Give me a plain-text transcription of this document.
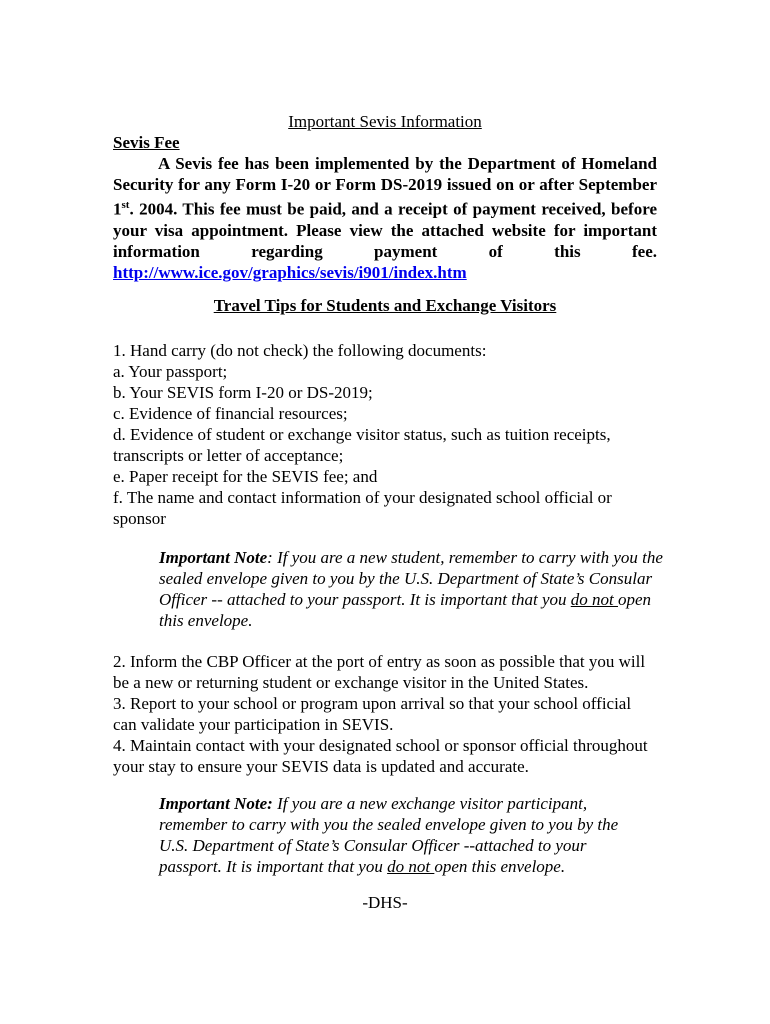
Important Sevis Information
Sevis Fee
A Sevis fee has been implemented by the Department of Homeland Security for any Form I-20 or Form DS-2019 issued on or after September 1st. 2004. This fee must be paid, and a receipt of payment received, before your visa appointment. Please view the attached website for important information regarding payment of this fee. http://www.ice.gov/graphics/sevis/i901/index.htm
Travel Tips for Students and Exchange Visitors
1. Hand carry (do not check) the following documents:
a. Your passport;
b. Your SEVIS form I-20 or DS-2019;
c. Evidence of financial resources;
d. Evidence of student or exchange visitor status, such as tuition receipts, transcripts or letter of acceptance;
e. Paper receipt for the SEVIS fee; and
f. The name and contact information of your designated school official or sponsor
Important Note: If you are a new student, remember to carry with you the sealed envelope given to you by the U.S. Department of State’s Consular Officer -- attached to your passport. It is important that you do not open this envelope.
2. Inform the CBP Officer at the port of entry as soon as possible that you will be a new or returning student or exchange visitor in the United States.
3. Report to your school or program upon arrival so that your school official can validate your participation in SEVIS.
4. Maintain contact with your designated school or sponsor official throughout your stay to ensure your SEVIS data is updated and accurate.
Important Note: If you are a new exchange visitor participant, remember to carry with you the sealed envelope given to you by the U.S. Department of State’s Consular Officer --attached to your passport. It is important that you do not open this envelope.
-DHS-
